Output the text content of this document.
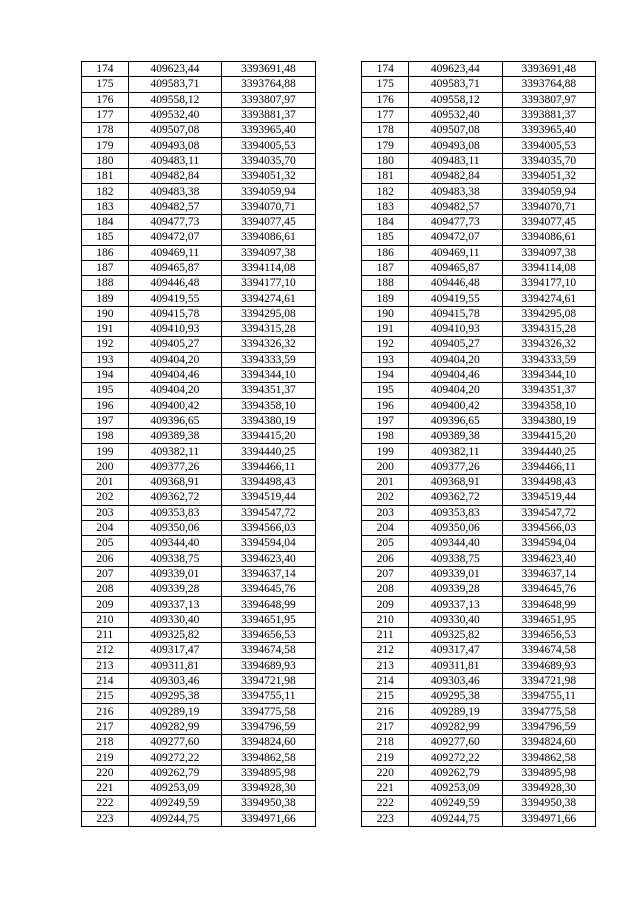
174	409623,44	3393691,48		174	409623,44	3393691,48
175	409583,71	3393764,88		175	409583,71	3393764,88
176	409558,12	3393807,97		176	409558,12	3393807,97
177	409532,40	3393881,37		177	409532,40	3393881,37
178	409507,08	3393965,40		178	409507,08	3393965,40
179	409493,08	3394005,53		179	409493,08	3394005,53
180	409483,11	3394035,70		180	409483,11	3394035,70
181	409482,84	3394051,32		181	409482,84	3394051,32
182	409483,38	3394059,94		182	409483,38	3394059,94
183	409482,57	3394070,71		183	409482,57	3394070,71
184	409477,73	3394077,45		184	409477,73	3394077,45
185	409472,07	3394086,61		185	409472,07	3394086,61
186	409469,11	3394097,38		186	409469,11	3394097,38
187	409465,87	3394114,08		187	409465,87	3394114,08
188	409446,48	3394177,10		188	409446,48	3394177,10
189	409419,55	3394274,61		189	409419,55	3394274,61
190	409415,78	3394295,08		190	409415,78	3394295,08
191	409410,93	3394315,28		191	409410,93	3394315,28
192	409405,27	3394326,32		192	409405,27	3394326,32
193	409404,20	3394333,59		193	409404,20	3394333,59
194	409404,46	3394344,10		194	409404,46	3394344,10
195	409404,20	3394351,37		195	409404,20	3394351,37
196	409400,42	3394358,10		196	409400,42	3394358,10
197	409396,65	3394380,19		197	409396,65	3394380,19
198	409389,38	3394415,20		198	409389,38	3394415,20
199	409382,11	3394440,25		199	409382,11	3394440,25
200	409377,26	3394466,11		200	409377,26	3394466,11
201	409368,91	3394498,43		201	409368,91	3394498,43
202	409362,72	3394519,44		202	409362,72	3394519,44
203	409353,83	3394547,72		203	409353,83	3394547,72
204	409350,06	3394566,03		204	409350,06	3394566,03
205	409344,40	3394594,04		205	409344,40	3394594,04
206	409338,75	3394623,40		206	409338,75	3394623,40
207	409339,01	3394637,14		207	409339,01	3394637,14
208	409339,28	3394645,76		208	409339,28	3394645,76
209	409337,13	3394648,99		209	409337,13	3394648,99
210	409330,40	3394651,95		210	409330,40	3394651,95
211	409325,82	3394656,53		211	409325,82	3394656,53
212	409317,47	3394674,58		212	409317,47	3394674,58
213	409311,81	3394689,93		213	409311,81	3394689,93
214	409303,46	3394721,98		214	409303,46	3394721,98
215	409295,38	3394755,11		215	409295,38	3394755,11
216	409289,19	3394775,58		216	409289,19	3394775,58
217	409282,99	3394796,59		217	409282,99	3394796,59
218	409277,60	3394824,60		218	409277,60	3394824,60
219	409272,22	3394862,58		219	409272,22	3394862,58
220	409262,79	3394895,98		220	409262,79	3394895,98
221	409253,09	3394928,30		221	409253,09	3394928,30
222	409249,59	3394950,38		222	409249,59	3394950,38
223	409244,75	3394971,66		223	409244,75	3394971,66
